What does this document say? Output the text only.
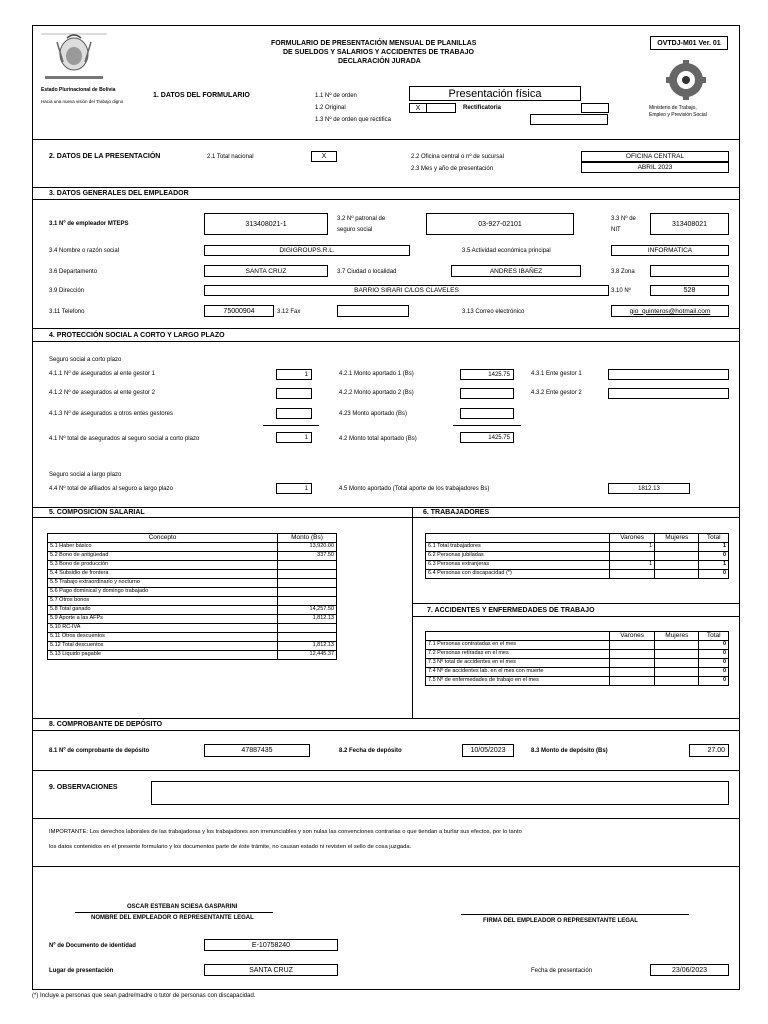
Estado Plurinacional de Bolivia
Hacia una nueva visión del Trabajo digno
FORMULARIO DE PRESENTACIÓN MENSUAL DE PLANILLAS
DE SUELDOS Y SALARIOS Y ACCIDENTES DE TRABAJO
DECLARACIÓN JURADA
OVTDJ-M01 Ver. 01
Ministerio de Trabajo,
Empleo y Previsión Social
1. DATOS DEL FORMULARIO	1.1 Nº de orden	Presentación física
1.2 Original	X	Rectificatoria
1.3 Nº de orden que rectifica
2. DATOS DE LA PRESENTACIÓN	2.1 Total nacional	X	2.2 Oficina central o nº de sucursal	OFICINA CENTRAL
2.3 Mes y año de presentación	ABRIL 2023
3. DATOS GENERALES DEL EMPLEADOR
3.1 Nº de empleador MTEPS	313408021-1
3.2 Nº patronal de
seguro social
03-927-02101
3.3 Nº de
NIT
313408021
3.4 Nombre o razón social	DIGIGROUPS.R.L.	3.5 Actividad económica principal	INFORMATICA
3.6 Departamento	SANTA CRUZ	3.7 Ciudad o localidad	ANDRES IBAÑEZ	3.8 Zona
3.9 Dirección	BARRIO SIRARI C/LOS CLAVELES	3.10 Nº	528
3.11 Telefono	75000904	3.12 Fax	3.13 Correo electrónico	gio_quinteros@hotmail.com
4. PROTECCIÓN SOCIAL A CORTO Y LARGO PLAZO
Seguro social a corto plazo
4.1.1 Nº de asegurados al ente gestor 1	1	4.2.1 Monto aportado 1 (Bs)	1425.75	4.3.1 Ente gestor 1
4.1.2 Nº de asegurados al ente gestor 2	4.2.2 Monto aportado 2 (Bs)	4.3.2 Ente gestor 2
4.1.3 Nº de asegurados a otros entes gestores	4.23 Monto aportado (Bs)
4.1 Nº total de asegurados al seguro social a corto plazo	1	4.2 Monto total aportado (Bs)	1425.75
Seguro social a largo plazo
4.4 Nº total de afiliados al seguro a largo plazo	1	4.5 Monto aportado (Total aporte de los trabajadores Bs)	1812.13
5. COMPOSICIÓN SALARIAL	6. TRABAJADORES
Concepto	Monto (Bs)
5.1 Haber básico	13,920.00
5.2 Bono de antigüedad	337.50
5.3 Bono de producción	
5.4 Subsidio de frontera	
5.5 Trabajo extraordinario y nocturno	
5.6 Pago dominical y domingo trabajado	
5.7 Otros bonos	
5.8 Total ganado	14,257.50
5.9 Aporte a las AFPs	1,812.13
5.10 RC-IVA	
5.11 Otros descuentos	
5.12 Total descuentos	1,812.13
5.13 Liquido pagable	12,445.37
	Varones	Mujeres	Total
6.1 Total trabajadores	1		1
6.2 Personas jubiladas			0
6.3 Personas extranjeras	1		1
6.4 Personas con discapacidad (*)			0
7. ACCIDENTES Y ENFERMEDADES DE TRABAJO
	Varones	Mujeres	Total
7.1 Personas contratadas en el mes			0
7.2 Personas retiradas en el mes			0
7.3 Nº total de accidentes en el mes			0
7.4 Nº de accidentes lab. en el mes con muerte			0
7.5 Nº de enfermedades de trabajo en el mes			0
8. COMPROBANTE DE DEPÓSITO
8.1 Nº de comprobante de depósito	47887435	8.2 Fecha de depósito	10/05/2023	8.3 Monto de depósito (Bs)	27.00
9. OBSERVACIONES
IMPORTANTE: Los derechos laborales de las trabajadoras y los trabajadores son irrenunciables y son nulas las convenciones contrarias o que tiendan a burlar sus efectos, por lo tanto
los datos contenidos en el presente formulario y los documentos parte de éste trámite, no causan estado ni revisten el sello de cosa juzgada.
OSCAR ESTEBAN SCIESA GASPARINI
NOMBRE DEL EMPLEADOR O REPRESENTANTE LEGAL	FIRMA DEL EMPLEADOR O REPRESENTANTE LEGAL
Nº de Documento de identidad	E-10758240
Lugar de presentación	SANTA CRUZ	Fecha de presentación	23/06/2023
(*) Incluye a personas que sean padre/madre o tutor de personas con discapacidad.
